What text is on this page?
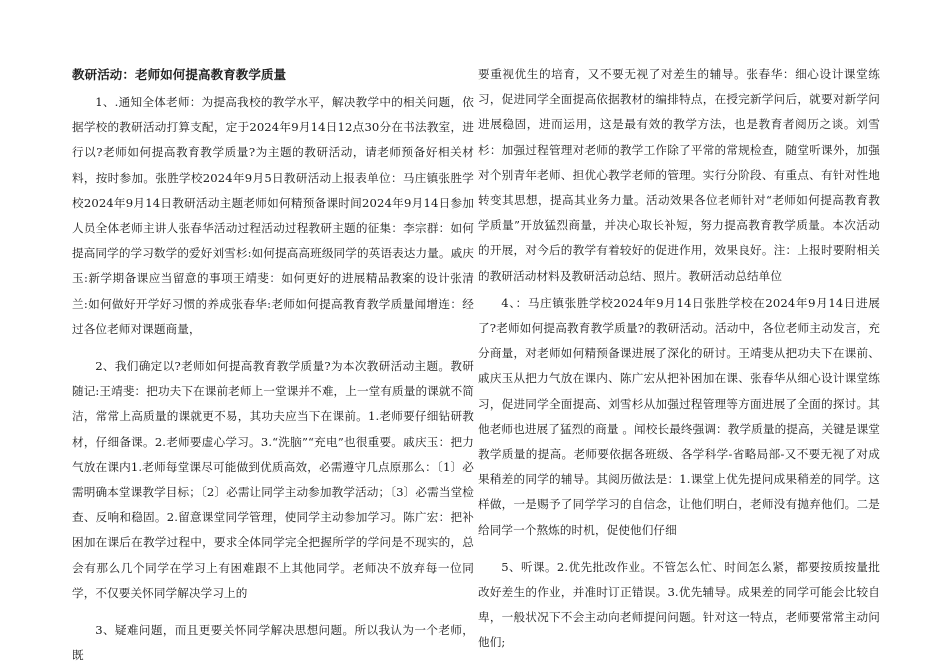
教研活动：老师如何提高教育教学质量

1、.通知全体老师：为提高我校的教学水平，解决教学中的相关问题，依据学校的教研活动打算支配，定于2024年9月14日12点30分在书法教室，进行以?老师如何提高教育教学质量?为主题的教研活动，请老师预备好相关材料，按时参加。张胜学校2024年9月5日教研活动上报表单位：马庄镇张胜学校2024年9月14日教研活动主题老师如何精预备课时间2024年9月14日参加人员全体老师主讲人张春华活动过程活动过程教研主题的征集：李宗群：如何提高同学的学习数学的爱好刘雪杉:如何提高高班级同学的英语表达力量。戚庆玉:新学期备课应当留意的事项王靖斐：如何更好的进展精品教案的设计张清兰:如何做好开学好习惯的养成张春华:老师如何提高教育教学质量闻增连：经过各位老师对课题商量，

2、我们确定以?老师如何提高教育教学质量?为本次教研活动主题。教研随记:王靖斐：把功夫下在课前老师上一堂课并不难，上一堂有质量的课就不简洁，常常上高质量的课就更不易，其功夫应当下在课前。1.老师要仔细钻研教材，仔细备课。2.老师要虚心学习。3.“洗脑”“充电”也很重要。戚庆玉：把力气放在课内1.老师每堂课尽可能做到优质高效，必需遵守几点原那么：〔1〕必需明确本堂课教学目标；〔2〕必需让同学主动参加教学活动；〔3〕必需当堂检查、反响和稳固。2.留意课堂同学管理，使同学主动参加学习。陈广宏：把补困加在课后在教学过程中，要求全体同学完全把握所学的学问是不现实的，总会有那么几个同学在学习上有困难跟不上其他同学。老师决不放弃每一位同学，不仅要关怀同学解决学习上的

3、疑难问题，而且更要关怀同学解决思想问题。所以我认为一个老师，既

要重视优生的培育，又不要无视了对差生的辅导。张春华：细心设计课堂练习，促进同学全面提高依据教材的编排特点，在授完新学问后，就要对新学问进展稳固，进而运用，这是最有效的教学方法，也是教育者阅历之谈。刘雪杉：加强过程管理对老师的教学工作除了平常的常规检查，随堂听课外，加强对个别青年老师、担优心教学老师的管理。实行分阶段、有重点、有针对性地转变其思想，提高其业务力量。活动效果各位老师针对“老师如何提高教育教学质量”开放猛烈商量，并决心取长补短，努力提高教育教学质量。本次活动的开展，对今后的教学有着较好的促进作用，效果良好。注：上报时要附相关的教研活动材料及教研活动总结、照片。教研活动总结单位

4、：马庄镇张胜学校2024年9月14日张胜学校在2024年9月14日进展了?老师如何提高教育教学质量?的教研活动。活动中，各位老师主动发言，充分商量，对老师如何精预备课进展了深化的研讨。王靖斐从把功夫下在课前、戚庆玉从把力气放在课内、陈广宏从把补困加在课、张春华从细心设计课堂练习，促进同学全面提高、刘雪杉从加强过程管理等方面进展了全面的探讨。其他老师也进展了猛烈的商量 。闻校长最终强调：教学质量的提高，关键是课堂教学质量的提高。老师要依据各班级、各学科学-省略局部-又不要无视了对成果稍差的同学的辅导。其阅历做法是：1.课堂上优先提问成果稍差的同学。这样做，一是赐予了同学学习的自信念，让他们明白，老师没有抛弃他们。二是给同学一个熬炼的时机，促使他们仔细

5、听课。2.优先批改作业。不管怎么忙、时间怎么紧，都要按质按量批改好差生的作业，并准时订正错误。3.优先辅导。成果差的同学可能会比较自卑，一般状况下不会主动向老师提问问题。针对这一特点，老师要常常主动问他们;
